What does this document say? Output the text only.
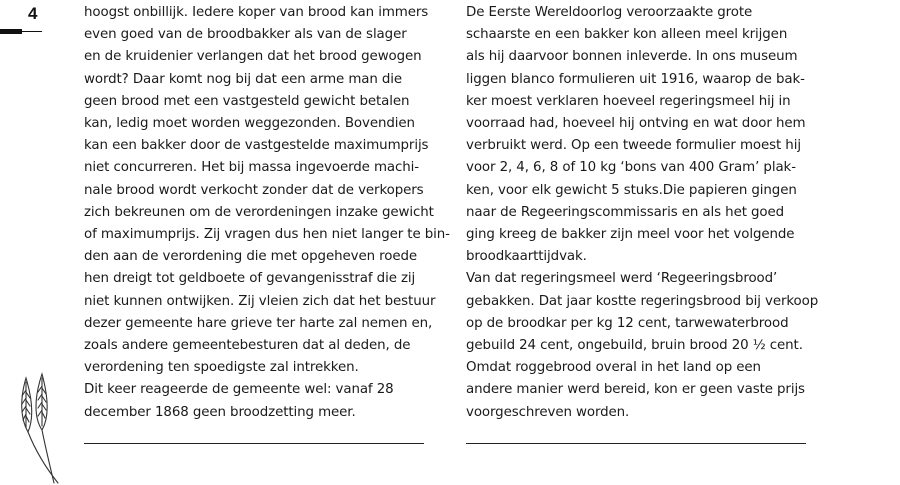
4	hoogst onbillijk. Iedere koper van brood kan immers
even goed van de broodbakker als van de slager
en de kruidenier verlangen dat het brood gewogen
wordt? Daar komt nog bij dat een arme man die
geen brood met een vastgesteld gewicht betalen
kan, ledig moet worden weggezonden. Bovendien
kan een bakker door de vastgestelde maximumprijs
niet concurreren. Het bij massa ingevoerde machi-
nale brood wordt verkocht zonder dat de verkopers
zich bekreunen om de verordeningen inzake gewicht
of maximumprijs. Zij vragen dus hen niet langer te bin-
den aan de verordening die met opgeheven roede
hen dreigt tot geldboete of gevangenisstraf die zij
niet kunnen ontwijken. Zij vleien zich dat het bestuur
dezer gemeente hare grieve ter harte zal nemen en,
zoals andere gemeentebesturen dat al deden, de
verordening ten spoedigste zal intrekken.
Dit keer reageerde de gemeente wel: vanaf 28
december 1868 geen broodzetting meer.
De Eerste Wereldoorlog veroorzaakte grote
schaarste en een bakker kon alleen meel krijgen
als hij daarvoor bonnen inleverde. In ons museum
liggen blanco formulieren uit 1916, waarop de bak-
ker moest verklaren hoeveel regeringsmeel hij in
voorraad had, hoeveel hij ontving en wat door hem
verbruikt werd. Op een tweede formulier moest hij
voor 2, 4, 6, 8 of 10 kg ‘bons van 400 Gram’ plak-
ken, voor elk gewicht 5 stuks.Die papieren gingen
naar de Regeeringscommissaris en als het goed
ging kreeg de bakker zijn meel voor het volgende
broodkaarttijdvak.
Van dat regeringsmeel werd ‘Regeeringsbrood’
gebakken. Dat jaar kostte regeringsbrood bij verkoop
op de broodkar per kg 12 cent, tarwewaterbrood
gebuild 24 cent, ongebuild, bruin brood 20 ½ cent.
Omdat roggebrood overal in het land op een
andere manier werd bereid, kon er geen vaste prijs
voorgeschreven worden.
